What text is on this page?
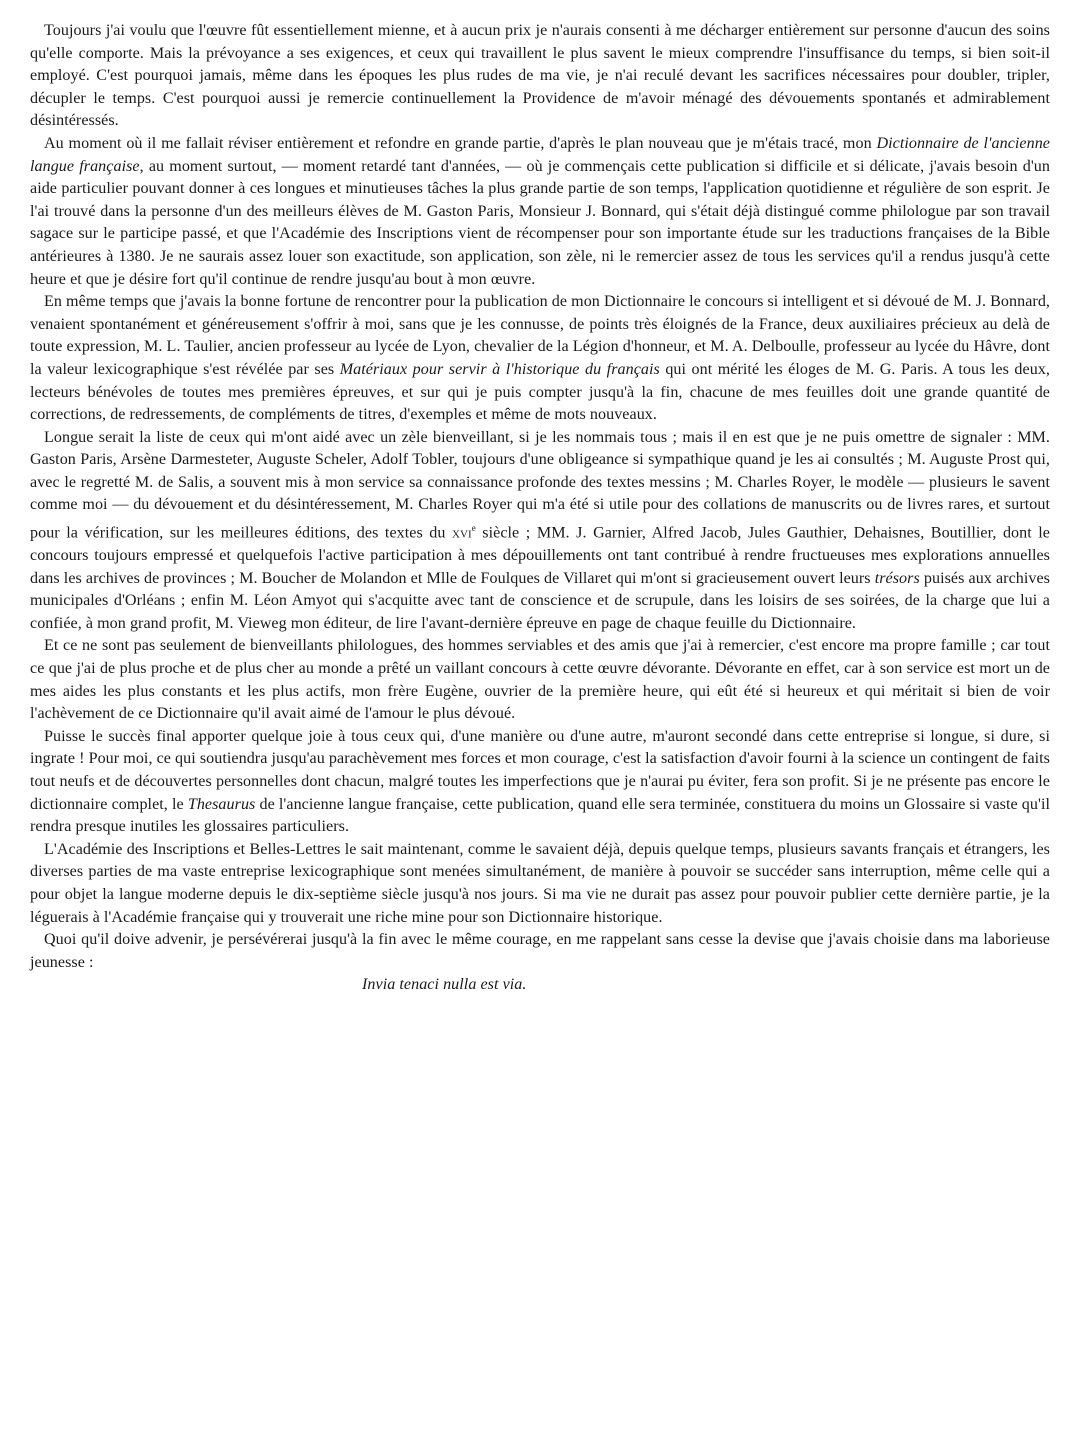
Toujours j'ai voulu que l'œuvre fût essentiellement mienne, et à aucun prix je n'aurais consenti à me décharger entièrement sur personne d'aucun des soins qu'elle comporte. Mais la prévoyance a ses exigences, et ceux qui travaillent le plus savent le mieux comprendre l'insuffisance du temps, si bien soit-il employé. C'est pourquoi jamais, même dans les époques les plus rudes de ma vie, je n'ai reculé devant les sacrifices nécessaires pour doubler, tripler, décupler le temps. C'est pourquoi aussi je remercie continuellement la Providence de m'avoir ménagé des dévouements spontanés et admirablement désintéressés.

Au moment où il me fallait réviser entièrement et refondre en grande partie, d'après le plan nouveau que je m'étais tracé, mon Dictionnaire de l'ancienne langue française, au moment surtout, — moment retardé tant d'années, — où je commençais cette publication si difficile et si délicate, j'avais besoin d'un aide particulier pouvant donner à ces longues et minutieuses tâches la plus grande partie de son temps, l'application quotidienne et régulière de son esprit. Je l'ai trouvé dans la personne d'un des meilleurs élèves de M. Gaston Paris, Monsieur J. Bonnard, qui s'était déjà distingué comme philologue par son travail sagace sur le participe passé, et que l'Académie des Inscriptions vient de récompenser pour son importante étude sur les traductions françaises de la Bible antérieures à 1380. Je ne saurais assez louer son exactitude, son application, son zèle, ni le remercier assez de tous les services qu'il a rendus jusqu'à cette heure et que je désire fort qu'il continue de rendre jusqu'au bout à mon œuvre.

En même temps que j'avais la bonne fortune de rencontrer pour la publication de mon Dictionnaire le concours si intelligent et si dévoué de M. J. Bonnard, venaient spontanément et généreusement s'offrir à moi, sans que je les connusse, de points très éloignés de la France, deux auxiliaires précieux au delà de toute expression, M. L. Taulier, ancien professeur au lycée de Lyon, chevalier de la Légion d'honneur, et M. A. Delboulle, professeur au lycée du Hâvre, dont la valeur lexicographique s'est révélée par ses Matériaux pour servir à l'historique du français qui ont mérité les éloges de M. G. Paris. A tous les deux, lecteurs bénévoles de toutes mes premières épreuves, et sur qui je puis compter jusqu'à la fin, chacune de mes feuilles doit une grande quantité de corrections, de redressements, de compléments de titres, d'exemples et même de mots nouveaux.

Longue serait la liste de ceux qui m'ont aidé avec un zèle bienveillant, si je les nommais tous ; mais il en est que je ne puis omettre de signaler : MM. Gaston Paris, Arsène Darmesteter, Auguste Scheler, Adolf Tobler, toujours d'une obligeance si sympathique quand je les ai consultés ; M. Auguste Prost qui, avec le regretté M. de Salis, a souvent mis à mon service sa connaissance profonde des textes messins ; M. Charles Royer, le modèle — plusieurs le savent comme moi — du dévouement et du désintéressement, M. Charles Royer qui m'a été si utile pour des collations de manuscrits ou de livres rares, et surtout pour la vérification, sur les meilleures éditions, des textes du xvi$^e$ siècle ; MM. J. Garnier, Alfred Jacob, Jules Gauthier, Dehaisnes, Boutillier, dont le concours toujours empressé et quelquefois l'active participation à mes dépouillements ont tant contribué à rendre fructueuses mes explorations annuelles dans les archives de provinces ; M. Boucher de Molandon et Mlle de Foulques de Villaret qui m'ont si gracieusement ouvert leurs trésors puisés aux archives municipales d'Orléans ; enfin M. Léon Amyot qui s'acquitte avec tant de conscience et de scrupule, dans les loisirs de ses soirées, de la charge que lui a confiée, à mon grand profit, M. Vieweg mon éditeur, de lire l'avant-dernière épreuve en page de chaque feuille du Dictionnaire.

Et ce ne sont pas seulement de bienveillants philologues, des hommes serviables et des amis que j'ai à remercier, c'est encore ma propre famille ; car tout ce que j'ai de plus proche et de plus cher au monde a prêté un vaillant concours à cette œuvre dévorante. Dévorante en effet, car à son service est mort un de mes aides les plus constants et les plus actifs, mon frère Eugène, ouvrier de la première heure, qui eût été si heureux et qui méritait si bien de voir l'achèvement de ce Dictionnaire qu'il avait aimé de l'amour le plus dévoué.

Puisse le succès final apporter quelque joie à tous ceux qui, d'une manière ou d'une autre, m'auront secondé dans cette entreprise si longue, si dure, si ingrate ! Pour moi, ce qui soutiendra jusqu'au parachèvement mes forces et mon courage, c'est la satisfaction d'avoir fourni à la science un contingent de faits tout neufs et de découvertes personnelles dont chacun, malgré toutes les imperfections que je n'aurai pu éviter, fera son profit. Si je ne présente pas encore le dictionnaire complet, le Thesaurus de l'ancienne langue française, cette publication, quand elle sera terminée, constituera du moins un Glossaire si vaste qu'il rendra presque inutiles les glossaires particuliers.

L'Académie des Inscriptions et Belles-Lettres le sait maintenant, comme le savaient déjà, depuis quelque temps, plusieurs savants français et étrangers, les diverses parties de ma vaste entreprise lexicographique sont menées simultanément, de manière à pouvoir se succéder sans interruption, même celle qui a pour objet la langue moderne depuis le dix-septième siècle jusqu'à nos jours. Si ma vie ne durait pas assez pour pouvoir publier cette dernière partie, je la léguerais à l'Académie française qui y trouverait une riche mine pour son Dictionnaire historique.

Quoi qu'il doive advenir, je persévérerai jusqu'à la fin avec le même courage, en me rappelant sans cesse la devise que j'avais choisie dans ma laborieuse jeunesse :

Invia tenaci nulla est via.
